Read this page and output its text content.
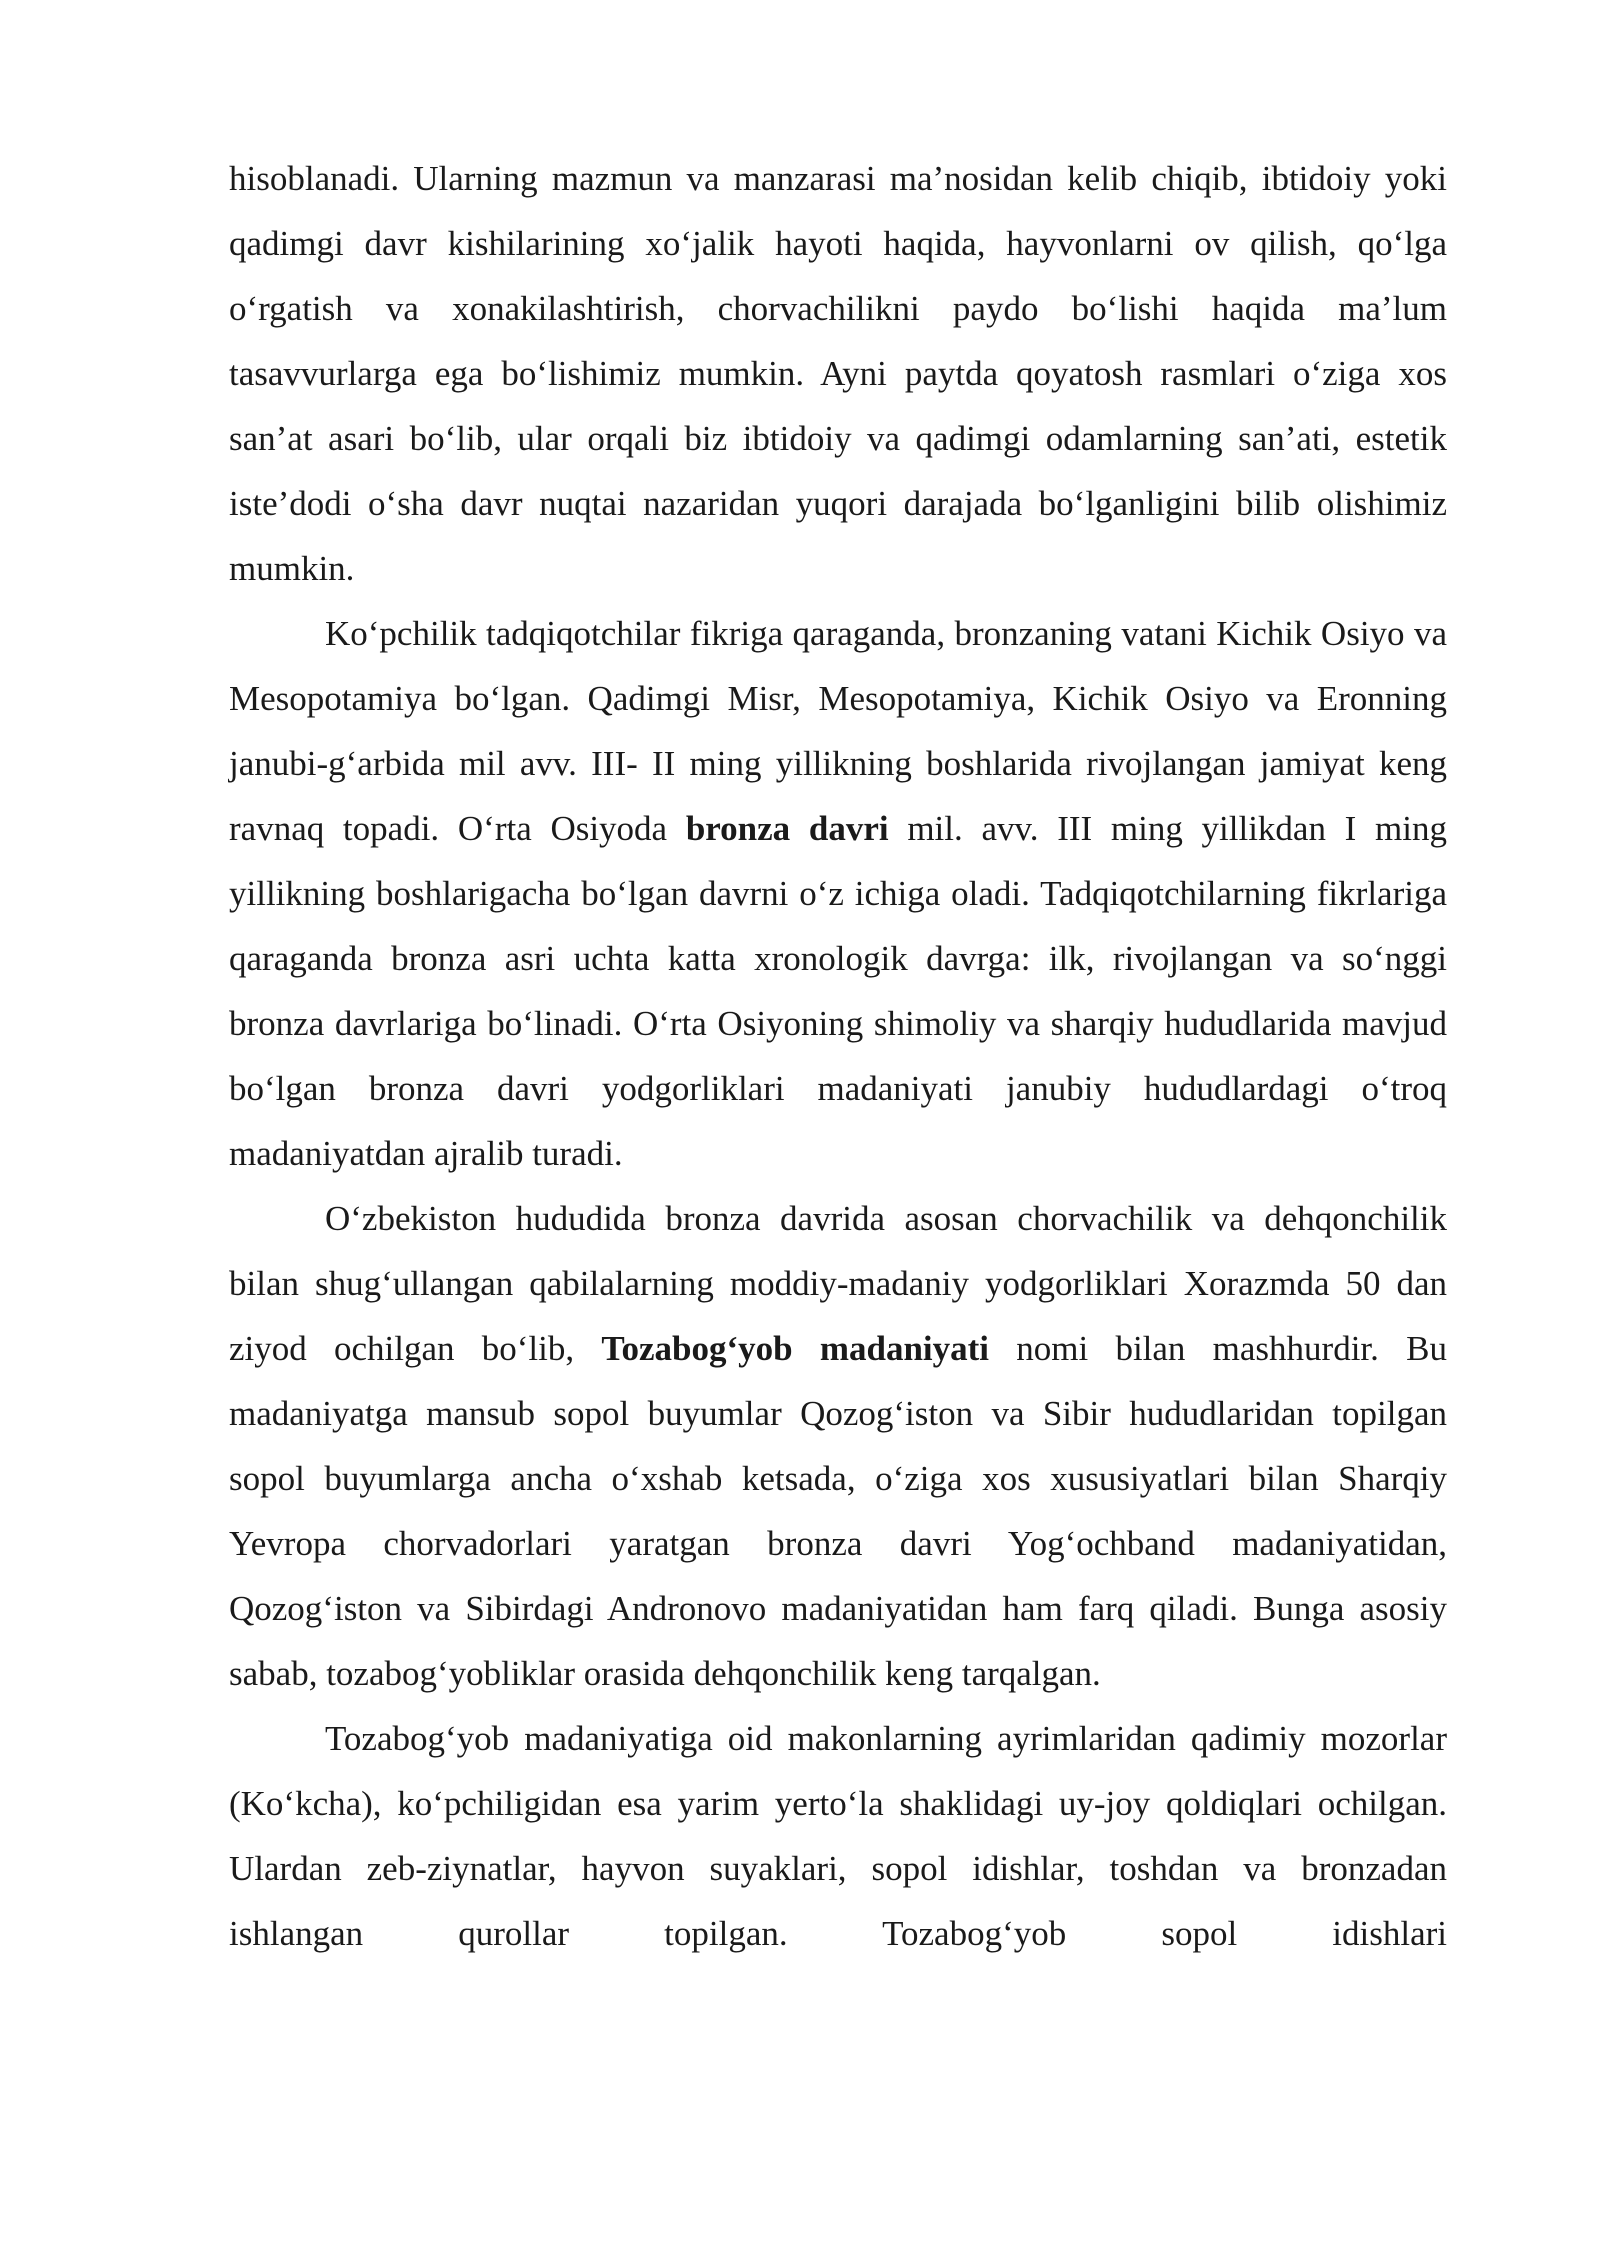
hisoblanadi. Ularning mazmun va manzarasi ma’nosidan kelib chiqib, ibtidoiy yoki qadimgi davr kishilarining xo‘jalik hayoti haqida, hayvonlarni ov qilish, qo‘lga o‘rgatish va xonakilashtirish, chorvachilikni paydo bo‘lishi haqida ma’lum tasavvurlarga ega bo‘lishimiz mumkin. Ayni paytda qoyatosh rasmlari o‘ziga xos san’at asari bo‘lib, ular orqali biz ibtidoiy va qadimgi odamlarning san’ati, estetik iste’dodi o‘sha davr nuqtai nazaridan yuqori darajada bo‘lganligini bilib olishimiz mumkin.

Ko‘pchilik tadqiqotchilar fikriga qaraganda, bronzaning vatani Kichik Osiyo va Mesopotamiya bo‘lgan. Qadimgi Misr, Mesopotamiya, Kichik Osiyo va Eronning janubi-g‘arbida mil avv. III- II ming yillikning boshlarida rivojlangan jamiyat keng ravnaq topadi. O‘rta Osiyoda bronza davri mil. avv. III ming yillikdan I ming yillikning boshlarigacha bo‘lgan davrni o‘z ichiga oladi. Tadqiqotchilarning fikrlariga qaraganda bronza asri uchta katta xronologik davrga: ilk, rivojlangan va so‘nggi bronza davrlariga bo‘linadi. O‘rta Osiyoning shimoliy va sharqiy hududlarida mavjud bo‘lgan bronza davri yodgorliklari madaniyati janubiy hududlardagi o‘troq madaniyatdan ajralib turadi.

O‘zbekiston hududida bronza davrida asosan chorvachilik va dehqonchilik bilan shug‘ullangan qabilalarning moddiy-madaniy yodgorliklari Xorazmda 50 dan ziyod ochilgan bo‘lib, Tozabog‘yob madaniyati nomi bilan mashhurdir. Bu madaniyatga mansub sopol buyumlar Qozog‘iston va Sibir hududlaridan topilgan sopol buyumlarga ancha o‘xshab ketsada, o‘ziga xos xususiyatlari bilan Sharqiy Yevropa chorvadorlari yaratgan bronza davri Yog‘ochband madaniyatidan, Qozog‘iston va Sibirdagi Andronovo madaniyatidan ham farq qiladi. Bunga asosiy sabab, tozabog‘yobliklar orasida dehqonchilik keng tarqalgan.

Tozabog‘yob madaniyatiga oid makonlarning ayrimlaridan qadimiy mozorlar (Ko‘kcha), ko‘pchiligidan esa yarim yerto‘la shaklidagi uy-joy qoldiqlari ochilgan. Ulardan zeb-ziynatlar, hayvon suyaklari, sopol idishlar, toshdan va bronzadan ishlangan qurollar topilgan. Tozabog‘yob sopol idishlari
